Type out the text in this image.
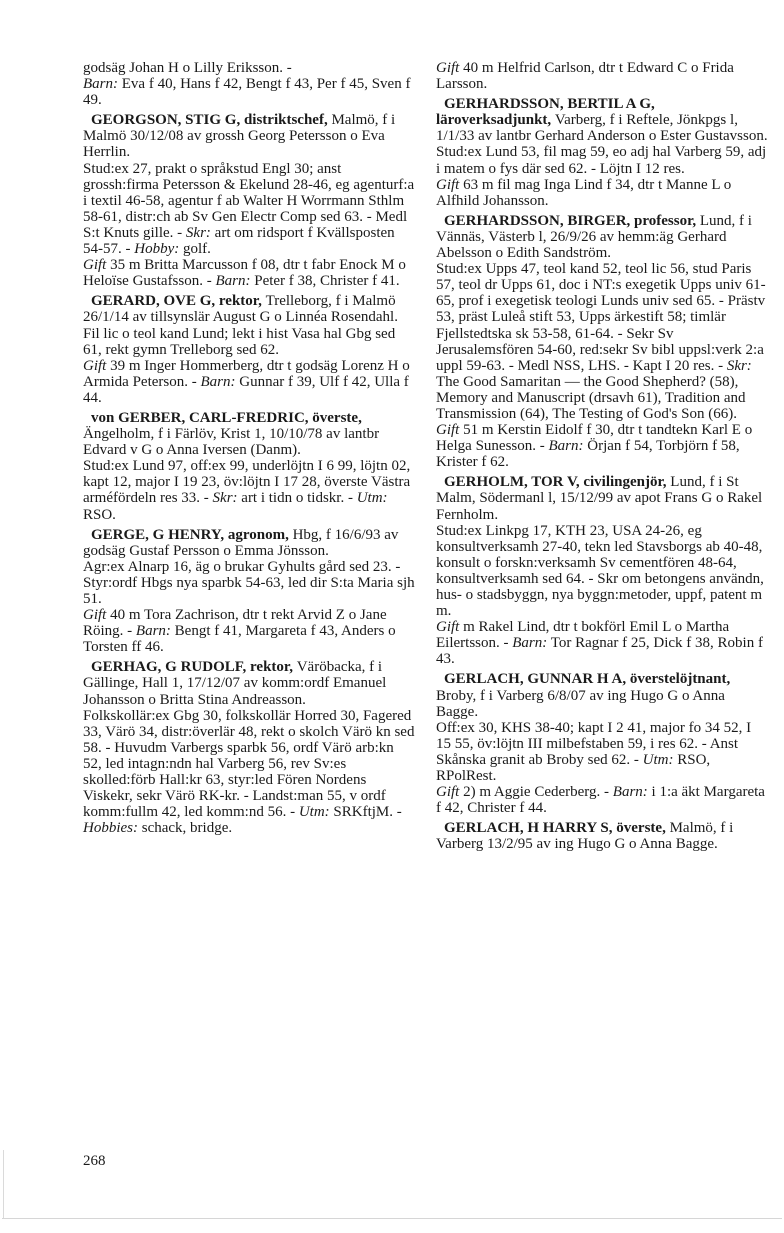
godsäg Johan H o Lilly Eriksson. -

Barn: Eva f 40, Hans f 42, Bengt f 43, Per f 45, Sven f 49.

GEORGSON, STIG G, distriktschef, Malmö, f i Malmö 30/12/08 av grossh Georg Petersson o Eva Herrlin.

Stud:ex 27, prakt o språkstud Engl 30; anst grossh:firma Petersson & Ekelund 28-46, eg agenturf:a i textil 46-58, agentur f ab Walter H Worrmann Sthlm 58-61, distr:ch ab Sv Gen Electr Comp sed 63. - Medl S:t Knuts gille. - Skr: art om ridsport f Kvällsposten 54-57. - Hobby: golf.

Gift 35 m Britta Marcusson f 08, dtr t fabr Enock M o Heloïse Gustafsson. - Barn: Peter f 38, Christer f 41.

GERARD, OVE G, rektor, Trelleborg, f i Malmö 26/1/14 av tillsynslär August G o Linnéa Rosendahl.

Fil lic o teol kand Lund; lekt i hist Vasa hal Gbg sed 61, rekt gymn Trelleborg sed 62.

Gift 39 m Inger Hommerberg, dtr t godsäg Lorenz H o Armida Peterson. - Barn: Gunnar f 39, Ulf f 42, Ulla f 44.

von GERBER, CARL-FREDRIC, överste, Ängelholm, f i Färlöv, Krist 1, 10/10/78 av lantbr Edvard v G o Anna Iversen (Danm).

Stud:ex Lund 97, off:ex 99, underlöjtn I 6 99, löjtn 02, kapt 12, major I 19 23, öv:löjtn I 17 28, överste Västra arméfördeln res 33. - Skr: art i tidn o tidskr. - Utm: RSO.

GERGE, G HENRY, agronom, Hbg, f 16/6/93 av godsäg Gustaf Persson o Emma Jönsson.

Agr:ex Alnarp 16, äg o brukar Gyhults gård sed 23. - Styr:ordf Hbgs nya sparbk 54-63, led dir S:ta Maria sjh 51.

Gift 40 m Tora Zachrison, dtr t rekt Arvid Z o Jane Röing. - Barn: Bengt f 41, Margareta f 43, Anders o Torsten ff 46.

GERHAG, G RUDOLF, rektor, Väröbacka, f i Gällinge, Hall 1, 17/12/07 av komm:ordf Emanuel Johansson o Britta Stina Andreasson.

Folkskollär:ex Gbg 30, folkskollär Horred 30, Fagered 33, Värö 34, distr:överlär 48, rekt o skolch Värö kn sed 58. - Huvudm Varbergs sparbk 56, ordf Värö arb:kn 52, led intagn:ndn hal Varberg 56, rev Sv:es skolled:förb Hall:kr 63, styr:led Fören Nordens Viskekr, sekr Värö RK-kr. - Landst:man 55, v ordf komm:fullm 42, led komm:nd 56. - Utm: SRKftjM. - Hobbies: schack, bridge.

Gift 40 m Helfrid Carlson, dtr t Edward C o Frida Larsson.

GERHARDSSON, BERTIL A G, läroverksadjunkt, Varberg, f i Reftele, Jönkpgs l, 1/1/33 av lantbr Gerhard Anderson o Ester Gustavsson.

Stud:ex Lund 53, fil mag 59, eo adj hal Varberg 59, adj i matem o fys där sed 62. - Löjtn I 12 res.

Gift 63 m fil mag Inga Lind f 34, dtr t Manne L o Alfhild Johansson.

GERHARDSSON, BIRGER, professor, Lund, f i Vännäs, Västerb l, 26/9/26 av hemm:äg Gerhard Abelsson o Edith Sandström.

Stud:ex Upps 47, teol kand 52, teol lic 56, stud Paris 57, teol dr Upps 61, doc i NT:s exegetik Upps univ 61-65, prof i exegetisk teologi Lunds univ sed 65. - Prästv 53, präst Luleå stift 53, Upps ärkestift 58; timlär Fjellstedtska sk 53-58, 61-64. - Sekr Sv Jerusalemsfören 54-60, red:sekr Sv bibl uppsl:verk 2:a uppl 59-63. - Medl NSS, LHS. - Kapt I 20 res. - Skr: The Good Samaritan — the Good Shepherd? (58), Memory and Manuscript (drsavh 61), Tradition and Transmission (64), The Testing of God's Son (66).

Gift 51 m Kerstin Eidolf f 30, dtr t tandtekn Karl E o Helga Sunesson. - Barn: Örjan f 54, Torbjörn f 58, Krister f 62.

GERHOLM, TOR V, civilingenjör, Lund, f i St Malm, Södermanl l, 15/12/99 av apot Frans G o Rakel Fernholm.

Stud:ex Linkpg 17, KTH 23, USA 24-26, eg konsultverksamh 27-40, tekn led Stavsborgs ab 40-48, konsult o forskn:verksamh Sv cementfören 48-64, konsultverksamh sed 64. - Skr om betongens användn, hus- o stadsbyggn, nya byggn:metoder, uppf, patent m m.

Gift m Rakel Lind, dtr t bokförl Emil L o Martha Eilertsson. - Barn: Tor Ragnar f 25, Dick f 38, Robin f 43.

GERLACH, GUNNAR H A, överstelöjtnant, Broby, f i Varberg 6/8/07 av ing Hugo G o Anna Bagge.

Off:ex 30, KHS 38-40; kapt I 2 41, major fo 34 52, I 15 55, öv:löjtn III milbefstaben 59, i res 62. - Anst Skånska granit ab Broby sed 62. - Utm: RSO, RPolRest.

Gift 2) m Aggie Cederberg. - Barn: i 1:a äkt Margareta f 42, Christer f 44.

GERLACH, H HARRY S, överste, Malmö, f i Varberg 13/2/95 av ing Hugo G o Anna Bagge.

268
